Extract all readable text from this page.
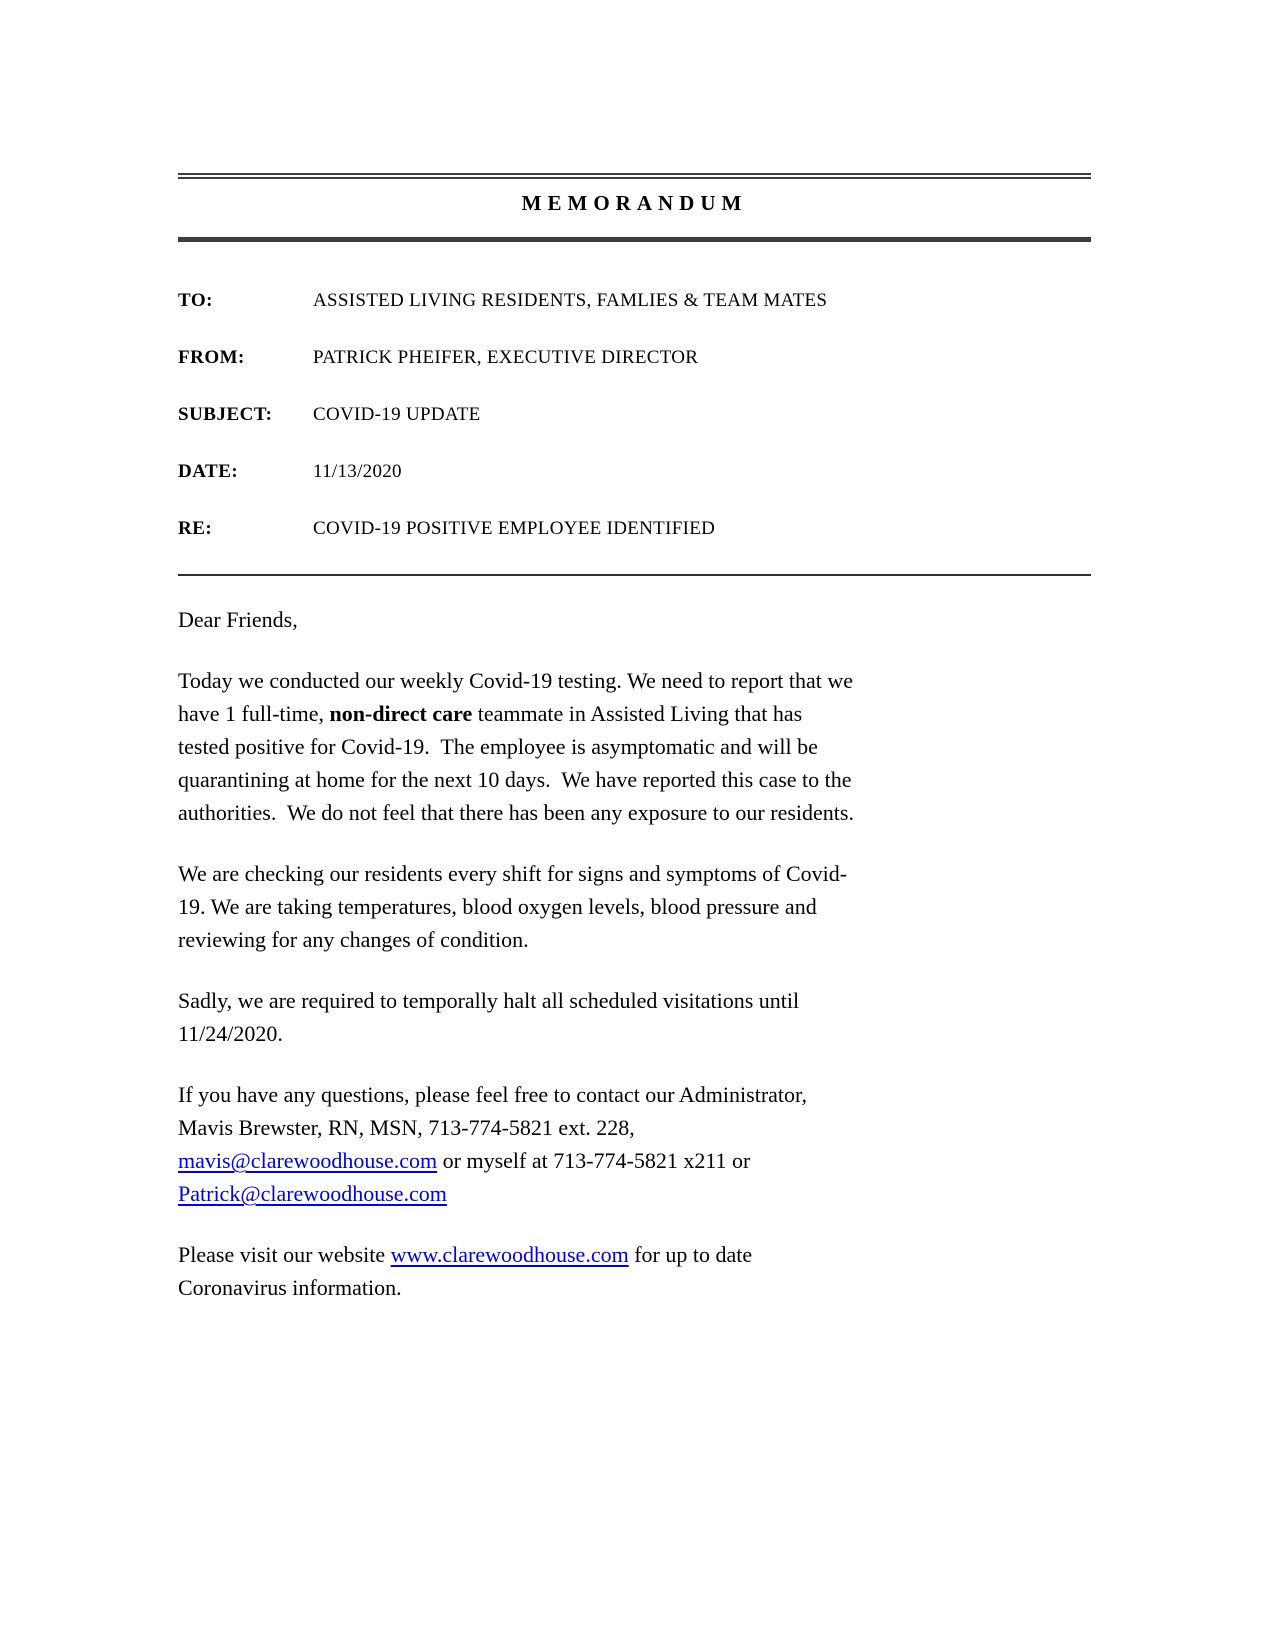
MEMORANDUM
TO:	ASSISTED LIVING RESIDENTS, FAMLIES & TEAM MATES
FROM:	PATRICK PHEIFER, EXECUTIVE DIRECTOR
SUBJECT:	COVID-19 UPDATE
DATE:	11/13/2020
RE:	COVID-19 POSITIVE EMPLOYEE IDENTIFIED
Dear Friends,

Today we conducted our weekly Covid-19 testing. We need to report that we
have 1 full-time, non-direct care teammate in Assisted Living that has
tested positive for Covid-19.  The employee is asymptomatic and will be
quarantining at home for the next 10 days.  We have reported this case to the
authorities.  We do not feel that there has been any exposure to our residents.

We are checking our residents every shift for signs and symptoms of Covid-
19. We are taking temperatures, blood oxygen levels, blood pressure and
reviewing for any changes of condition.

Sadly, we are required to temporally halt all scheduled visitations until
11/24/2020.

If you have any questions, please feel free to contact our Administrator,
Mavis Brewster, RN, MSN, 713-774-5821 ext. 228,
mavis@clarewoodhouse.com or myself at 713-774-5821 x211 or
Patrick@clarewoodhouse.com

Please visit our website www.clarewoodhouse.com for up to date
Coronavirus information.
